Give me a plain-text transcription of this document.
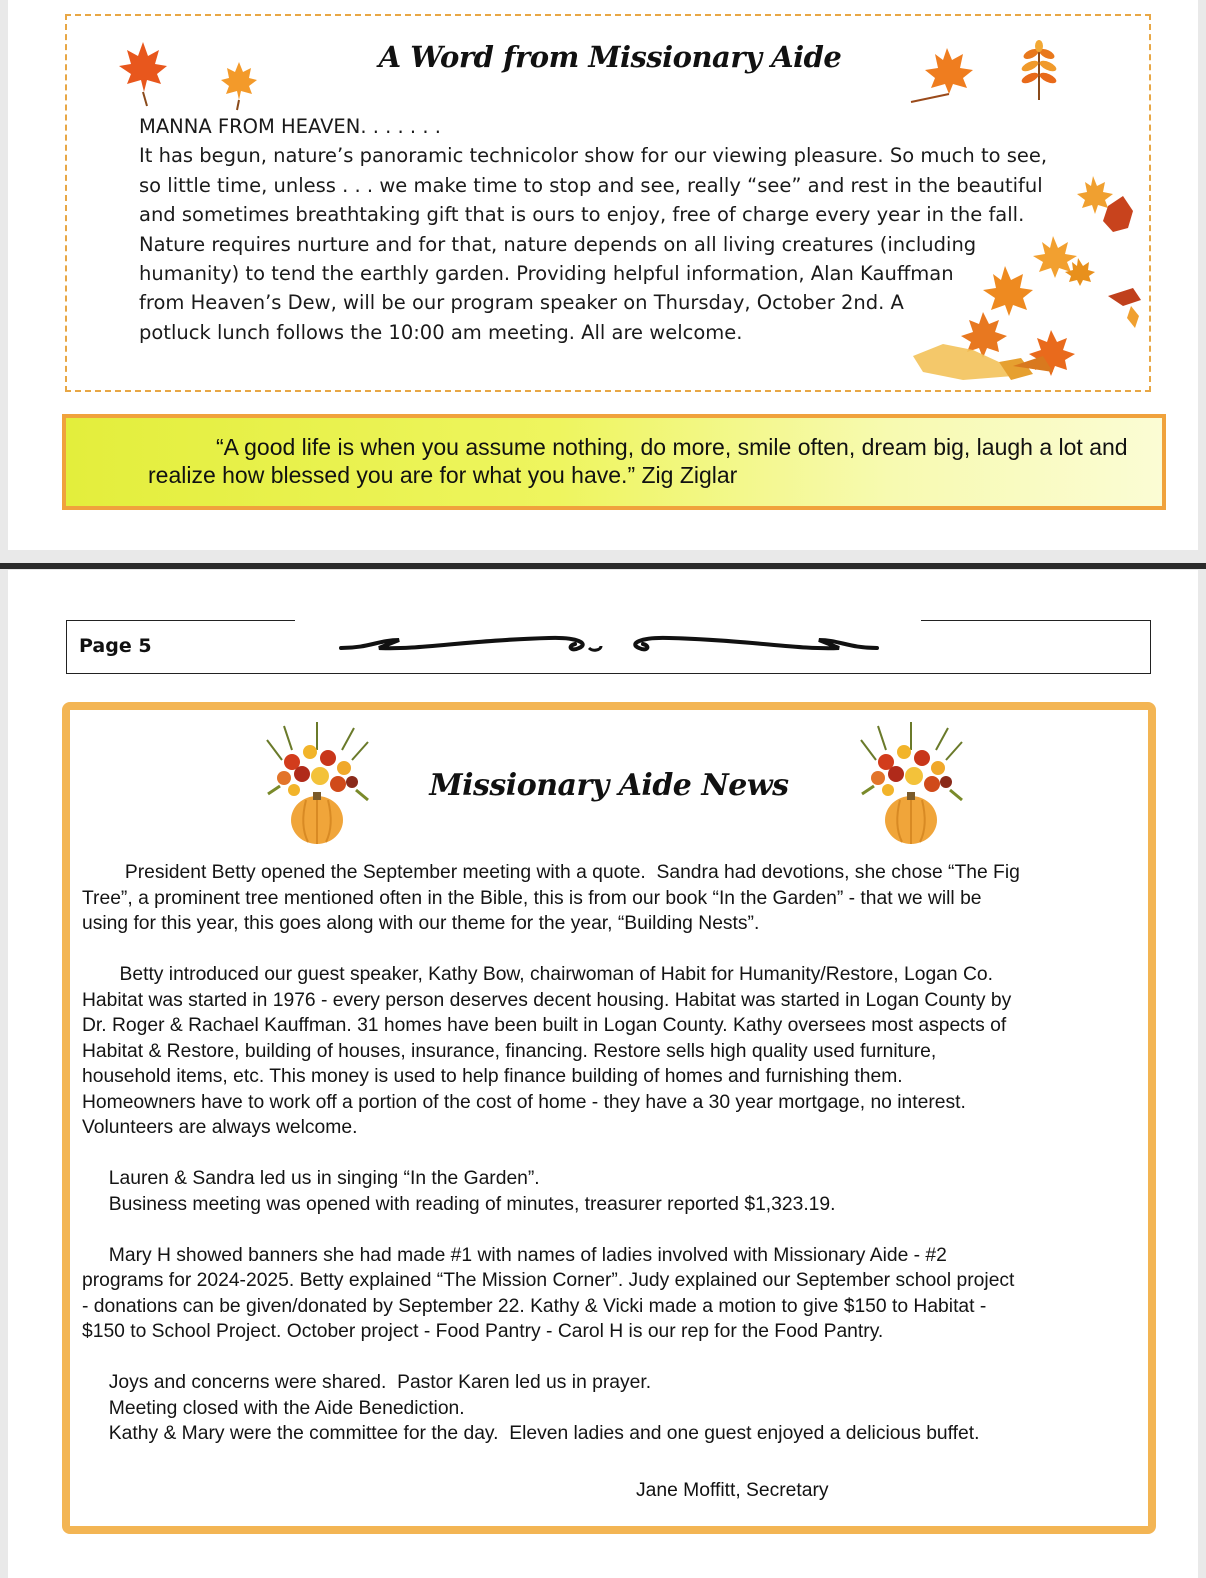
A Word from Missionary Aide
MANNA FROM HEAVEN. . . . . . .
It has begun, nature’s panoramic technicolor show for our viewing pleasure. So much to see,
so little time, unless . . . we make time to stop and see, really “see” and rest in the beautiful
and sometimes breathtaking gift that is ours to enjoy, free of charge every year in the fall.
Nature requires nurture and for that, nature depends on all living creatures (including
humanity) to tend the earthly garden. Providing helpful information, Alan Kauffman
from Heaven’s Dew, will be our program speaker on Thursday, October 2nd. A
potluck lunch follows the 10:00 am meeting. All are welcome.
“A good life is when you assume nothing, do more, smile often, dream big, laugh a lot and
realize how blessed you are for what you have.” Zig Ziglar
Page 5
Missionary Aide News
President Betty opened the September meeting with a quote.  Sandra had devotions, she chose “The Fig
Tree”, a prominent tree mentioned often in the Bible, this is from our book “In the Garden” - that we will be
using for this year, this goes along with our theme for the year, “Building Nests”.
Betty introduced our guest speaker, Kathy Bow, chairwoman of Habit for Humanity/Restore, Logan Co.
Habitat was started in 1976 - every person deserves decent housing. Habitat was started in Logan County by
Dr. Roger & Rachael Kauffman. 31 homes have been built in Logan County. Kathy oversees most aspects of
Habitat & Restore, building of houses, insurance, financing. Restore sells high quality used furniture,
household items, etc. This money is used to help finance building of homes and furnishing them.
Homeowners have to work off a portion of the cost of home - they have a 30 year mortgage, no interest.
Volunteers are always welcome.
Lauren & Sandra led us in singing “In the Garden”.
Business meeting was opened with reading of minutes, treasurer reported $1,323.19.
Mary H showed banners she had made #1 with names of ladies involved with Missionary Aide - #2
programs for 2024-2025. Betty explained “The Mission Corner”. Judy explained our September school project
- donations can be given/donated by September 22. Kathy & Vicki made a motion to give $150 to Habitat -
$150 to School Project. October project - Food Pantry - Carol H is our rep for the Food Pantry.
Joys and concerns were shared.  Pastor Karen led us in prayer.
Meeting closed with the Aide Benediction.
Kathy & Mary were the committee for the day.  Eleven ladies and one guest enjoyed a delicious buffet.
Jane Moffitt, Secretary
